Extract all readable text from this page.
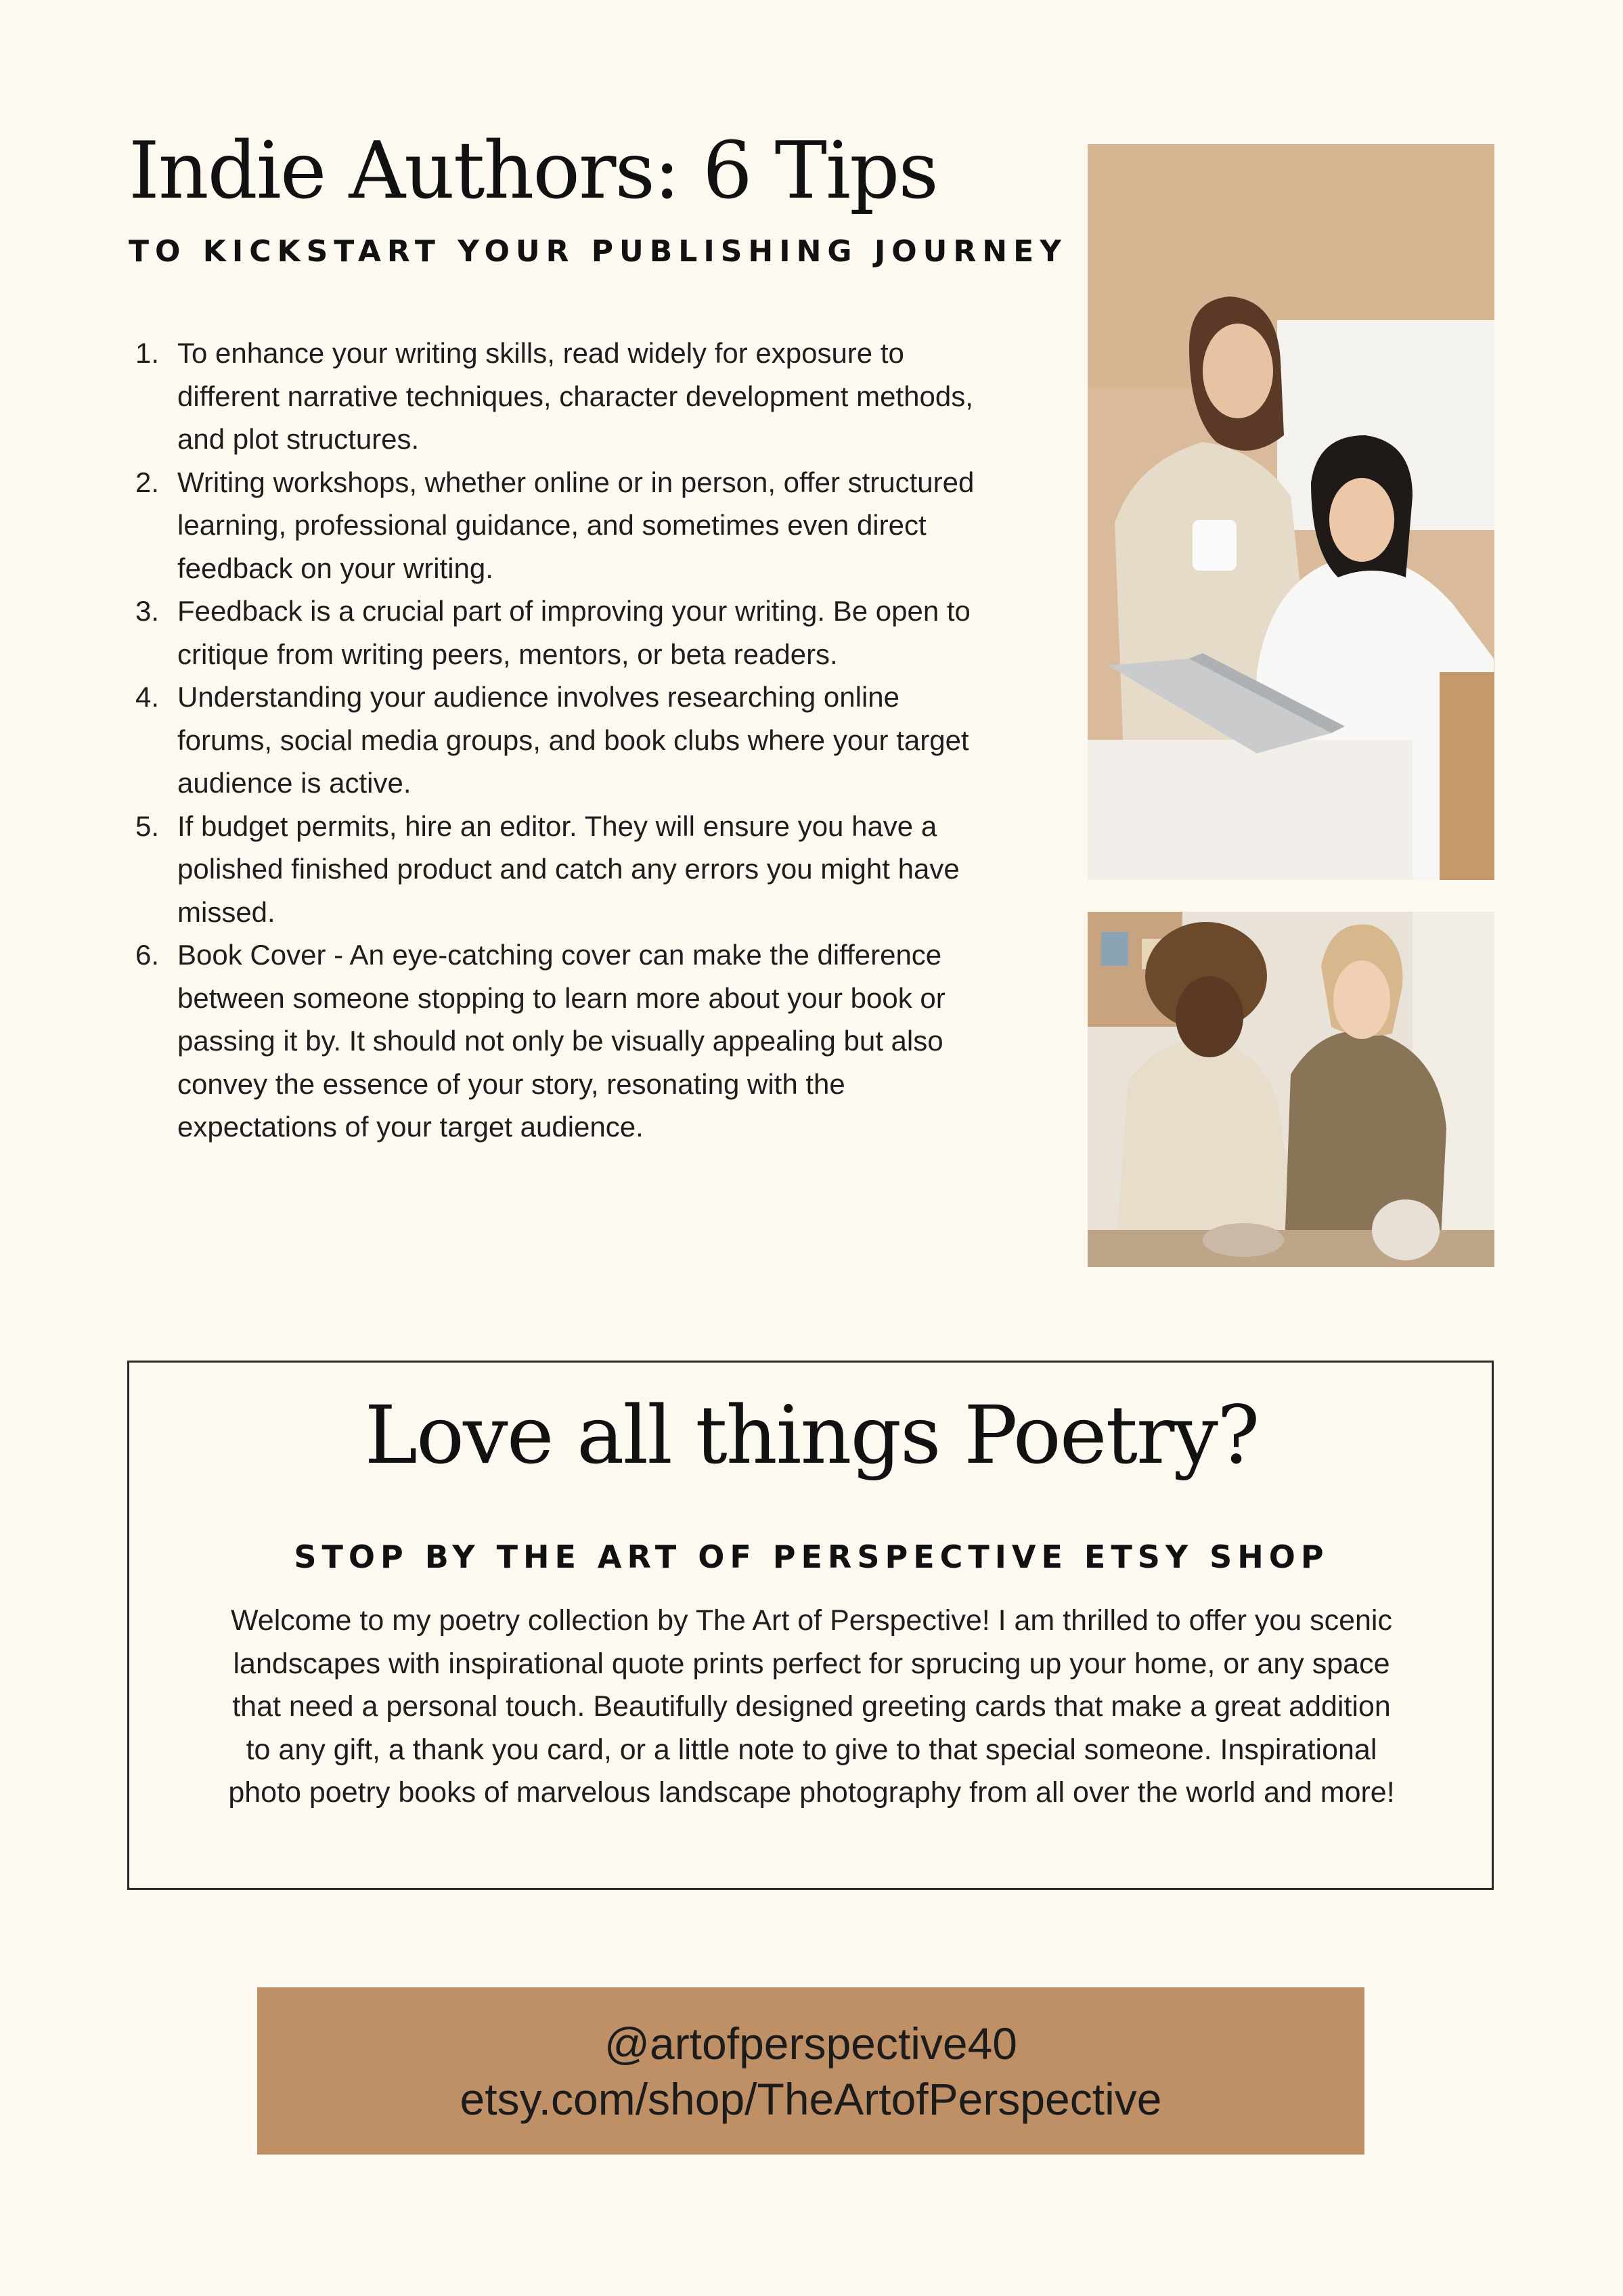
Indie Authors: 6 Tips
TO KICKSTART YOUR PUBLISHING JOURNEY
1. To enhance your writing skills, read widely for exposure to different narrative techniques, character development methods, and plot structures.
2. Writing workshops, whether online or in person, offer structured learning, professional guidance, and sometimes even direct feedback on your writing.
3. Feedback is a crucial part of improving your writing. Be open to critique from writing peers, mentors, or beta readers.
4. Understanding your audience involves researching online forums, social media groups, and book clubs where your target audience is active.
5. If budget permits, hire an editor. They will ensure you have a polished finished product and catch any errors you might have missed.
6. Book Cover - An eye-catching cover can make the difference between someone stopping to learn more about your book or passing it by. It should not only be visually appealing but also convey the essence of your story, resonating with the expectations of your target audience.
Love all things Poetry?
STOP BY THE ART OF PERSPECTIVE ETSY SHOP

Welcome to my poetry collection by The Art of Perspective! I am thrilled to offer you scenic landscapes with inspirational quote prints perfect for sprucing up your home, or any space that need a personal touch. Beautifully designed greeting cards that make a great addition to any gift, a thank you card, or a little note to give to that special someone. Inspirational photo poetry books of marvelous landscape photography from all over the world and more!

@artofperspective40
etsy.com/shop/TheArtofPerspective
